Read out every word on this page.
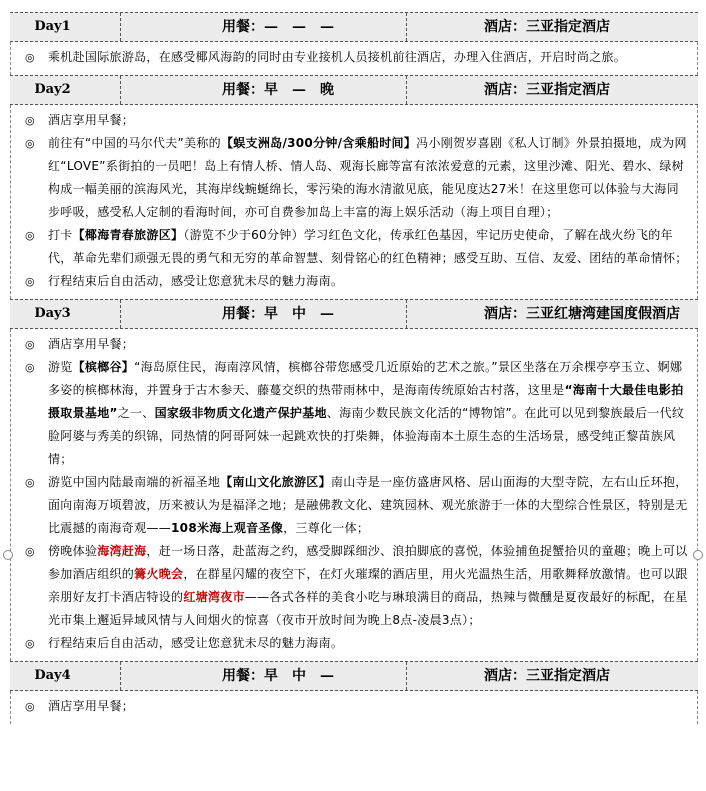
Day1	用餐：—　—　—	酒店：三亚指定酒店
◎ 乘机赴国际旅游岛，在感受椰风海韵的同时由专业接机人员接机前往酒店，办理入住酒店，开启时尚之旅。
Day2	用餐：早　—　晚	酒店：三亚指定酒店
◎ 酒店享用早餐；
◎ 前往有“中国的马尔代夫”美称的【蜈支洲岛/300分钟/含乘船时间】冯小刚贺岁喜剧《私人订制》外景拍摄地，成为网红“LOVE”系街拍的一员吧！岛上有情人桥、情人岛、观海长廊等富有浓浓爱意的元素，这里沙滩、阳光、碧水、绿树构成一幅美丽的滨海风光，其海岸线蜿蜒绵长，零污染的海水清澈见底，能见度达27米！在这里您可以体验与大海同步呼吸，感受私人定制的看海时间，亦可自费参加岛上丰富的海上娱乐活动（海上项目自理）；
◎ 打卡【椰海青春旅游区】（游览不少于60分钟）学习红色文化，传承红色基因，牢记历史使命，了解在战火纷飞的年代，革命先辈们顽强无畏的勇气和无穷的革命智慧、刻骨铭心的红色精神；感受互助、互信、友爱、团结的革命情怀；
◎ 行程结束后自由活动，感受让您意犹未尽的魅力海南。
Day3	用餐：早　中　—	酒店：三亚红塘湾建国度假酒店
◎ 酒店享用早餐；
◎ 游览【槟榔谷】“海岛原住民，海南淳风情，槟榔谷带您感受几近原始的艺术之旅。”景区坐落在万余棵亭亭玉立、婀娜多姿的槟榔林海，并置身于古木参天、藤蔓交织的热带雨林中，是海南传统原始古村落，这里是“海南十大最佳电影拍摄取景基地”之一、国家级非物质文化遗产保护基地、海南少数民族文化活的“博物馆”。在此可以见到黎族最后一代纹脸阿婆与秀美的织锦，同热情的阿哥阿妹一起跳欢快的打柴舞，体验海南本土原生态的生活场景，感受纯正黎苗族风情；
◎ 游览中国内陆最南端的祈福圣地【南山文化旅游区】南山寺是一座仿盛唐风格、居山面海的大型寺院，左右山丘环抱，面向南海万顷碧波，历来被认为是福泽之地；是融佛教文化、建筑园林、观光旅游于一体的大型综合性景区，特别是无比震撼的南海奇观——108米海上观音圣像，三尊化一体；
◎ 傍晚体验海湾赶海，赶一场日落，赴蓝海之约，感受脚踩细沙、浪拍脚底的喜悦，体验捕鱼捉蟹拾贝的童趣；晚上可以参加酒店组织的篝火晚会，在群星闪耀的夜空下，在灯火璀璨的酒店里，用火光温热生活，用歌舞释放激情。也可以跟亲朋好友打卡酒店特设的红塘湾夜市——各式各样的美食小吃与琳琅满目的商品，热辣与微醺是夏夜最好的标配，在星光市集上邂逅异域风情与人间烟火的惊喜（夜市开放时间为晚上8点-凌晨3点）；
◎ 行程结束后自由活动，感受让您意犹未尽的魅力海南。
Day4	用餐：早　中　—	酒店：三亚指定酒店
◎ 酒店享用早餐；
